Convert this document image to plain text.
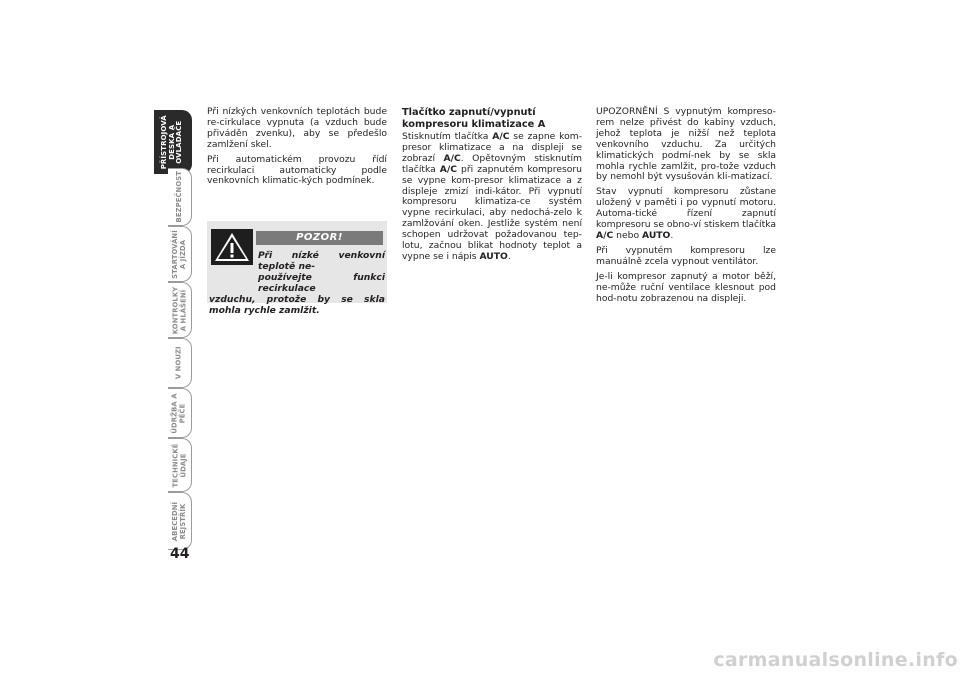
PŘÍSTROJOVÁ
DESKA A
OVLADAČE
BEZPEČNOST
STARTOVÁNÍ
A JÍZDA
KONTROLKY
A HLÁŠENÍ
V NOUZI
ÚDRŽBA A
PÉČE
TECHNICKÉ
ÚDAJE
ABECEDNÍ
REJSTŘÍK
44

Při nízkých venkovních teplotách bude re-cirkulace vypnuta (a vzduch bude přiváděn zvenku), aby se předešlo zamlžení skel.

Při automatickém provozu řídí recirkulaci automaticky podle venkovních klimatic-kých podmínek.

POZOR!
Při nízké venkovní teplotě ne-
používejte funkci recirkulace
vzduchu, protože by se skla mohla rychle zamlžit.
Tlačítko zapnutí/vypnutí kompresoru klimatizace A

Stisknutím tlačítka A/C se zapne kom-presor klimatizace a na displeji se zobrazí A/C. Opětovným stisknutím tlačítka A/C při zapnutém kompresoru se vypne kom-presor klimatizace a z displeje zmizí indi-kátor. Při vypnutí kompresoru klimatiza-ce systém vypne recirkulaci, aby nedochá-zelo k zamlžování oken. Jestliže systém není schopen udržovat požadovanou tep-lotu, začnou blikat hodnoty teplot a vypne se i nápis AUTO.

UPOZORNĚNÍ S vypnutým kompreso-rem nelze přivést do kabiny vzduch, jehož teplota je nižší než teplota venkovního vzduchu. Za určitých klimatických podmí-nek by se skla mohla rychle zamlžit, pro-tože vzduch by nemohl být vysušován kli-matizací.

Stav vypnutí kompresoru zůstane uložený v paměti i po vypnutí motoru. Automa-tické řízení zapnutí kompresoru se obno-ví stiskem tlačítka A/C nebo AUTO.

Při vypnutém kompresoru lze manuálně zcela vypnout ventilátor.

Je-li kompresor zapnutý a motor běží, ne-může ruční ventilace klesnout pod hod-notu zobrazenou na displeji.

carmanualsonline.info
